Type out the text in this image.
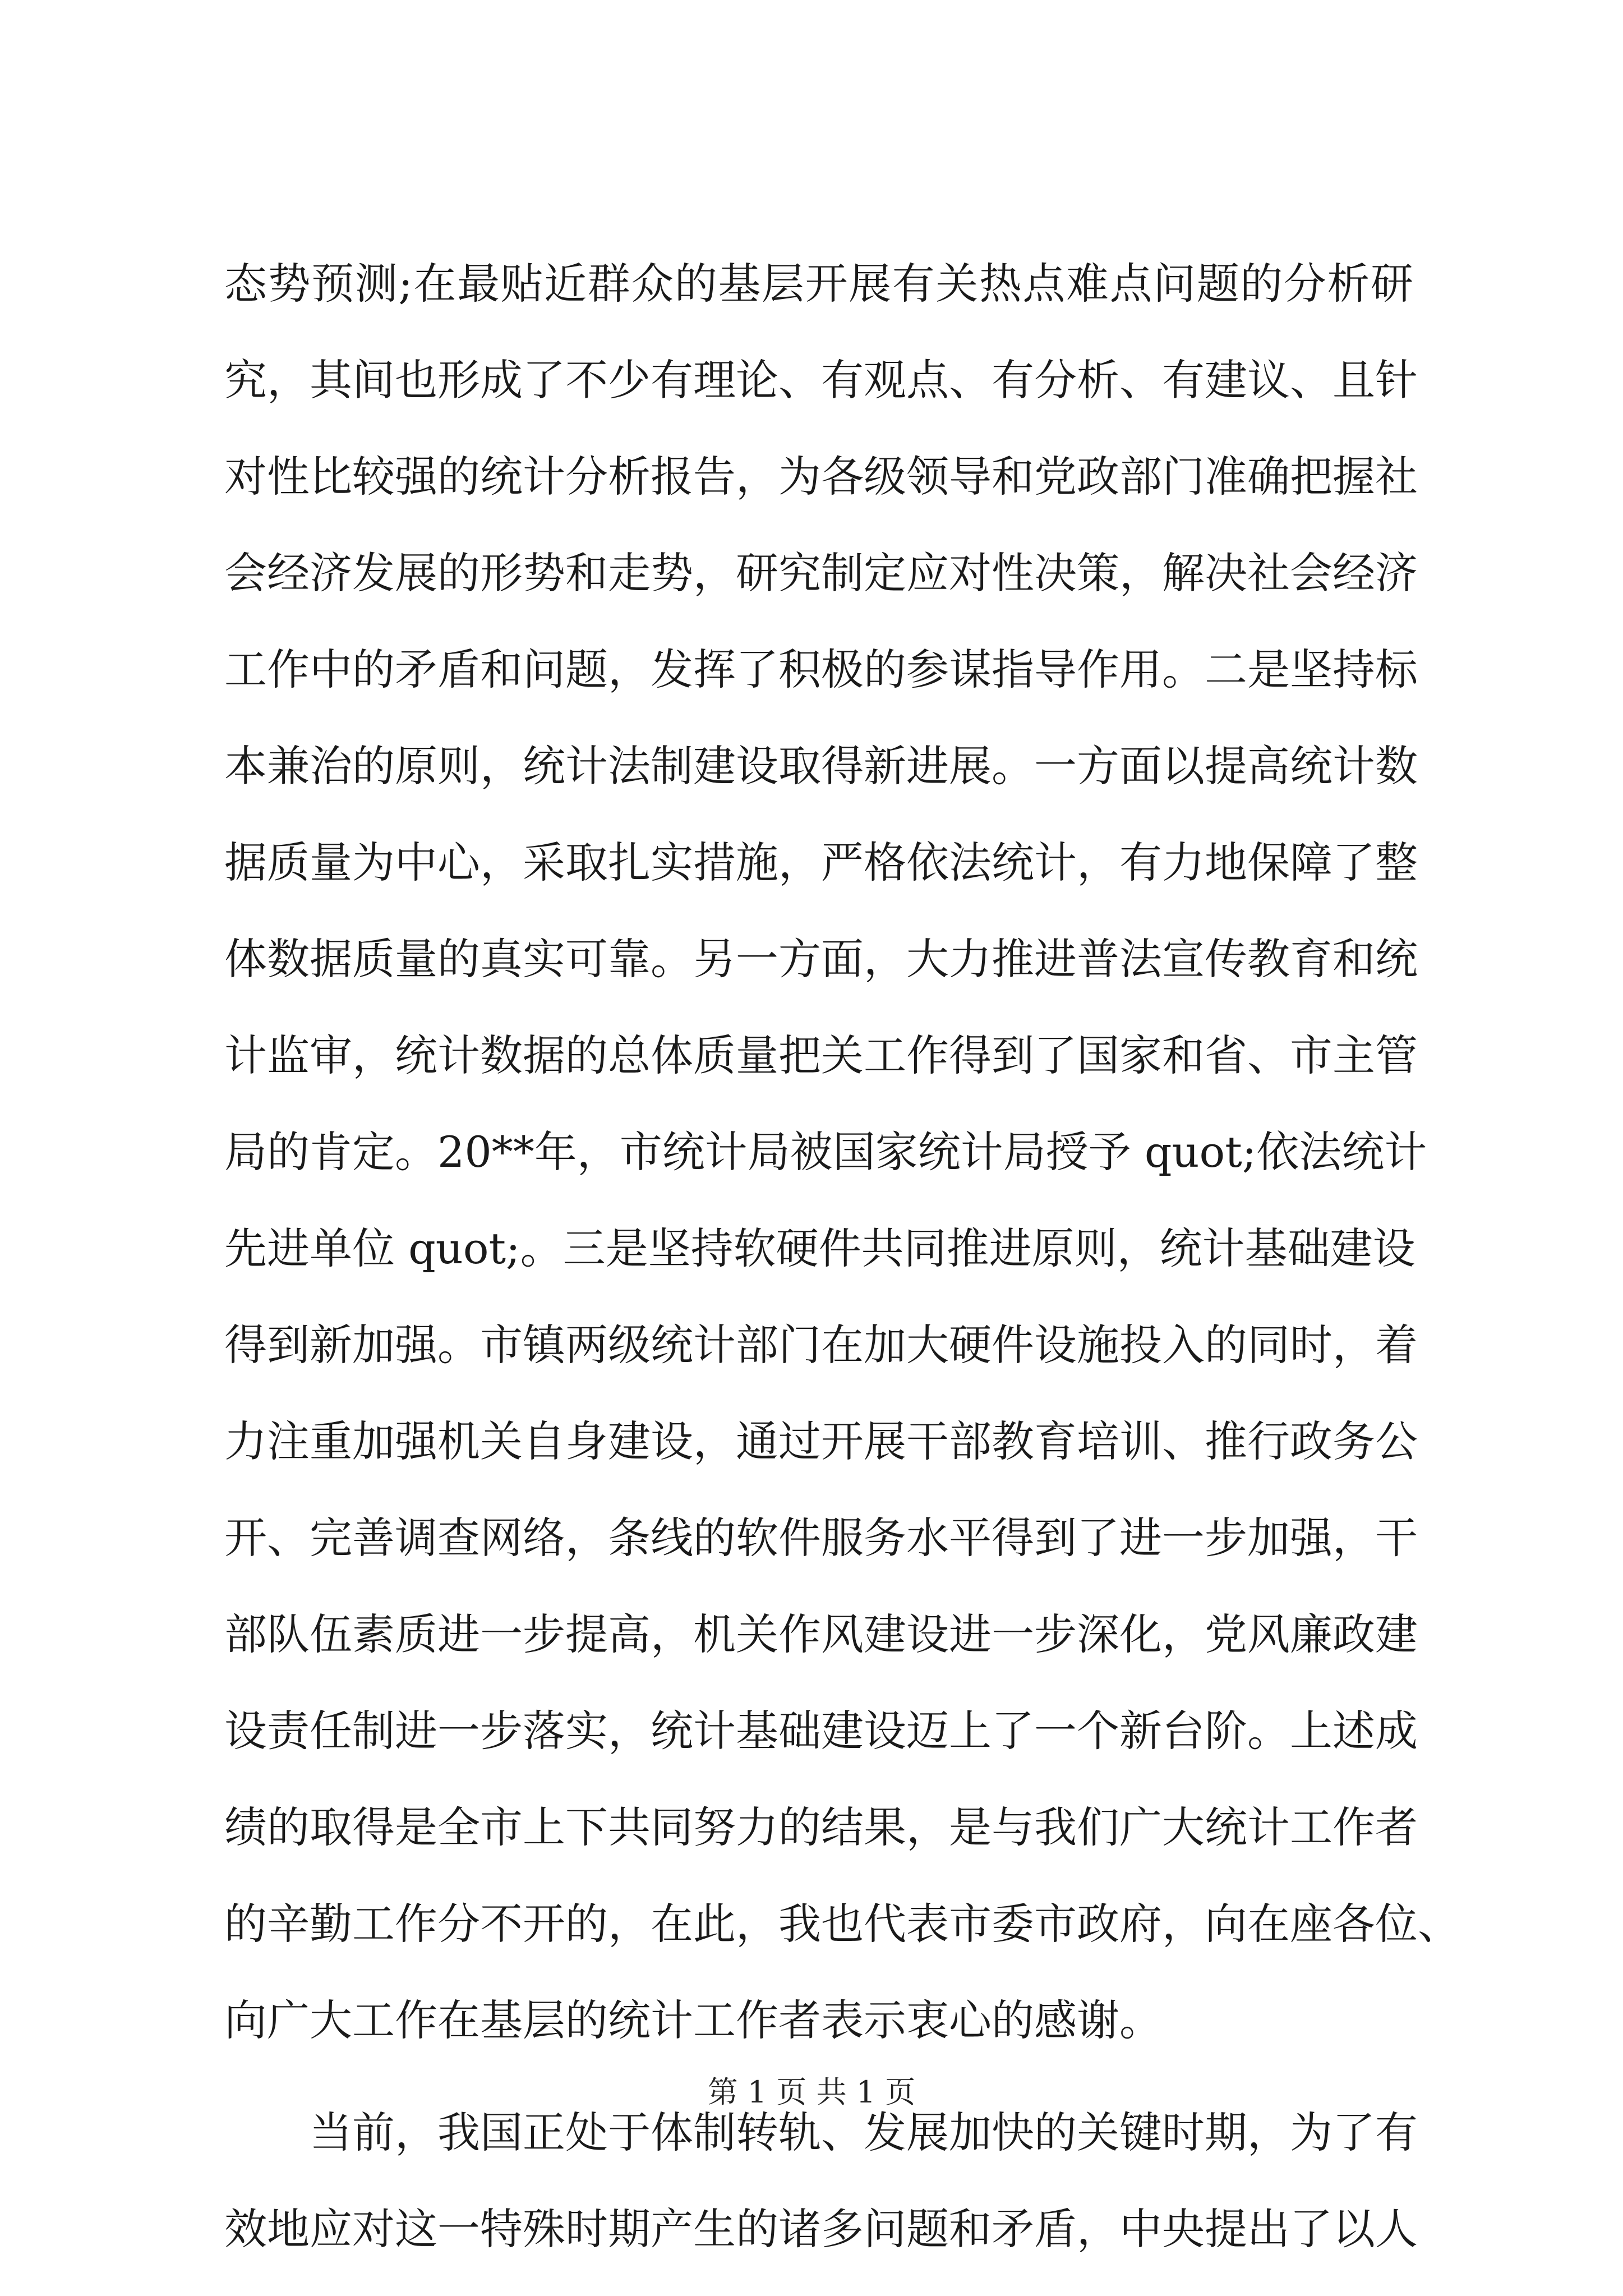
态势预测;在最贴近群众的基层开展有关热点难点问题的分析研
究，其间也形成了不少有理论、有观点、有分析、有建议、且针
对性比较强的统计分析报告，为各级领导和党政部门准确把握社
会经济发展的形势和走势，研究制定应对性决策，解决社会经济
工作中的矛盾和问题，发挥了积极的参谋指导作用。二是坚持标
本兼治的原则，统计法制建设取得新进展。一方面以提高统计数
据质量为中心，采取扎实措施，严格依法统计，有力地保障了整
体数据质量的真实可靠。另一方面，大力推进普法宣传教育和统
计监审，统计数据的总体质量把关工作得到了国家和省、市主管
局的肯定。20**年，市统计局被国家统计局授予 quot;依法统计
先进单位 quot;。三是坚持软硬件共同推进原则，统计基础建设
得到新加强。市镇两级统计部门在加大硬件设施投入的同时，着
力注重加强机关自身建设，通过开展干部教育培训、推行政务公
开、完善调查网络，条线的软件服务水平得到了进一步加强，干
部队伍素质进一步提高，机关作风建设进一步深化，党风廉政建
设责任制进一步落实，统计基础建设迈上了一个新台阶。上述成
绩的取得是全市上下共同努力的结果，是与我们广大统计工作者
的辛勤工作分不开的，在此，我也代表市委市政府，向在座各位、
向广大工作在基层的统计工作者表示衷心的感谢。
　　当前，我国正处于体制转轨、发展加快的关键时期，为了有
效地应对这一特殊时期产生的诸多问题和矛盾，中央提出了以人
第 1 页 共 1 页
